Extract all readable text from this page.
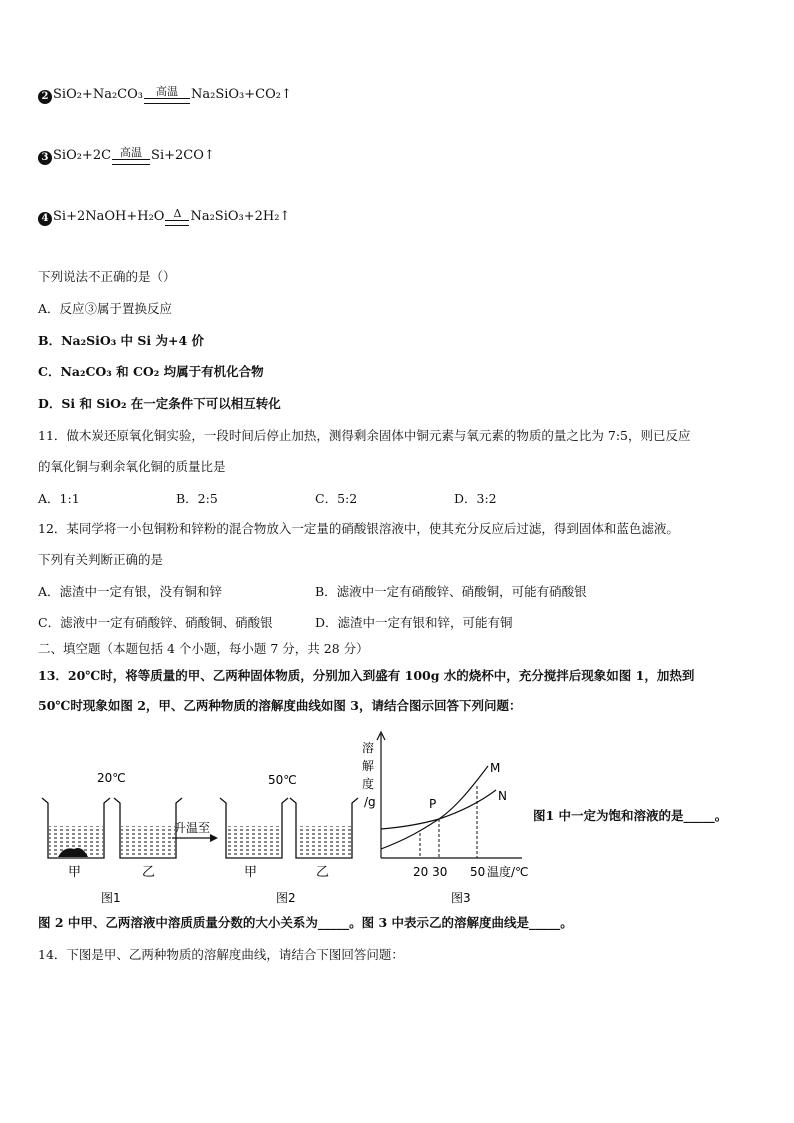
2 SiO₂+Na₂CO₃	高温	Na₂SiO₃+CO₂↑
3 SiO₂+2C 高温 Si+2CO↑
4 Si+2NaOH+H₂O Δ Na₂SiO₃+2H₂↑
下列说法不正确的是（）
A．反应③属于置换反应
B．Na₂SiO₃ 中 Si 为+4 价
C．Na₂CO₃ 和 CO₂ 均属于有机化合物
D．Si 和 SiO₂ 在一定条件下可以相互转化
11．做木炭还原氧化铜实验，一段时间后停止加热，测得剩余固体中铜元素与氧元素的物质的量之比为 7:5，则已反应
的氧化铜与剩余氧化铜的质量比是
A．1:1	B．2:5	C．5:2	D．3:2
12．某同学将一小包铜粉和锌粉的混合物放入一定量的硝酸银溶液中，使其充分反应后过滤，得到固体和蓝色滤液。
下列有关判断正确的是
A．滤渣中一定有银，没有铜和锌	B．滤液中一定有硝酸锌、硝酸铜，可能有硝酸银
C．滤液中一定有硝酸锌、硝酸铜、硝酸银	D．滤渣中一定有银和锌，可能有铜
二、填空题（本题包括 4 个小题，每小题 7 分，共 28 分）
13．20℃时，将等质量的甲、乙两种固体物质，分别加入到盛有 100g 水的烧杯中，充分搅拌后现象如图 1，加热到
50℃时现象如图 2，甲、乙两种物质的溶解度曲线如图 3，请结合图示回答下列问题：
20℃	50℃
升温至
甲	乙	甲	乙
图1	图2	图3
溶
解
度
/g
M
N
P
20 30 50 温度/℃
图1 中一定为饱和溶液的是_____。
图 2 中甲、乙两溶液中溶质质量分数的大小关系为_____。图 3 中表示乙的溶解度曲线是_____。
14．下图是甲、乙两种物质的溶解度曲线，请结合下图回答问题：
